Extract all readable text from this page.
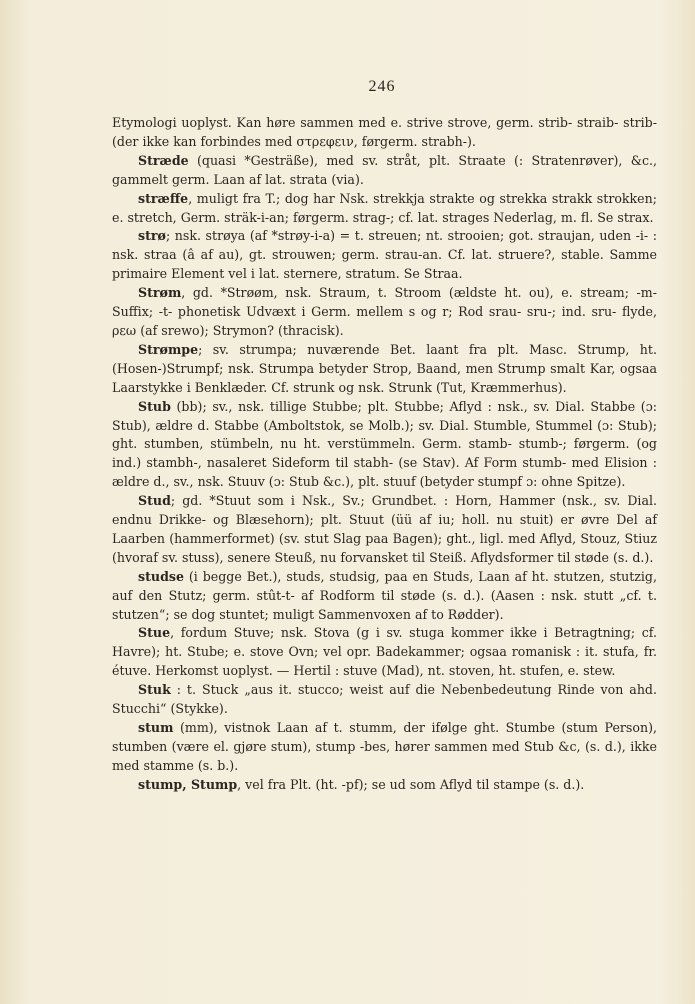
246

Etymologi uoplyst. Kan høre sammen med e. strive strove, germ. strib- straib- strib- (der ikke kan forbindes med στρεφειν, førgerm. strabh-).

Stræde (quasi *Gesträße), med sv. stråt, plt. Straate (: Stratenrøver), &c., gammelt germ. Laan af lat. strata (via).

stræffe, muligt fra T.; dog har Nsk. strekkja strakte og strekka strakk strokken; e. stretch, Germ. sträk-i-an; førgerm. strag-; cf. lat. strages Nederlag, m. fl. Se strax.

strø; nsk. strøya (af *strøy-i-a) = t. streuen; nt. strooien; got. straujan, uden -i- : nsk. straa (â af au), gt. strouwen; germ. strau-an. Cf. lat. struere?, stable. Samme primaire Element vel i lat. sternere, stratum. Se Straa.

Strøm, gd. *Strøøm, nsk. Straum, t. Stroom (ældste ht. ou), e. stream; -m- Suffix; -t- phonetisk Udvæxt i Germ. mellem s og r; Rod srau- sru-; ind. sru- flyde, ρεω (af srewo); Strymon? (thracisk).

Strømpe; sv. strumpa; nuværende Bet. laant fra plt. Masc. Strump, ht. (Hosen-)Strumpf; nsk. Strumpa betyder Strop, Baand, men Strump smalt Kar, ogsaa Laarstykke i Benklæder. Cf. strunk og nsk. Strunk (Tut, Kræmmerhus).

Stub (bb); sv., nsk. tillige Stubbe; plt. Stubbe; Aflyd : nsk., sv. Dial. Stabbe (ɔ: Stub), ældre d. Stabbe (Amboltstok, se Molb.); sv. Dial. Stumble, Stummel (ɔ: Stub); ght. stumben, stümbeln, nu ht. verstümmeln. Germ. stamb- stumb-; førgerm. (og ind.) stambh-, nasaleret Sideform til stabh- (se Stav). Af Form stumb- med Elision : ældre d., sv., nsk. Stuuv (ɔ: Stub &c.), plt. stuuf (betyder stumpf ɔ: ohne Spitze).

Stud; gd. *Stuut som i Nsk., Sv.; Grundbet. : Horn, Hammer (nsk., sv. Dial. endnu Drikke- og Blæsehorn); plt. Stuut (üü af iu; holl. nu stuit) er øvre Del af Laarben (hammerformet) (sv. stut Slag paa Bagen); ght., ligl. med Aflyd, Stouz, Stiuz (hvoraf sv. stuss), senere Steuß, nu forvansket til Steiß. Aflydsformer til støde (s. d.).

studse (i begge Bet.), studs, studsig, paa en Studs, Laan af ht. stutzen, stutzig, auf den Stutz; germ. stût-t- af Rodform til støde (s. d.). (Aasen : nsk. stutt „cf. t. stutzen“; se dog stuntet; muligt Sammenvoxen af to Rødder).

Stue, fordum Stuve; nsk. Stova (g i sv. stuga kommer ikke i Betragtning; cf. Havre); ht. Stube; e. stove Ovn; vel opr. Badekammer; ogsaa romanisk : it. stufa, fr. étuve. Herkomst uoplyst. — Hertil : stuve (Mad), nt. stoven, ht. stufen, e. stew.

Stuk : t. Stuck „aus it. stucco; weist auf die Nebenbedeutung Rinde von ahd. Stucchi“ (Stykke).

stum (mm), vistnok Laan af t. stumm, der ifølge ght. Stumbe (stum Person), stumben (være el. gjøre stum), stump -bes, hører sammen med Stub &c, (s. d.), ikke med stamme (s. b.).

stump, Stump, vel fra Plt. (ht. -pf); se ud som Aflyd til stampe (s. d.).
